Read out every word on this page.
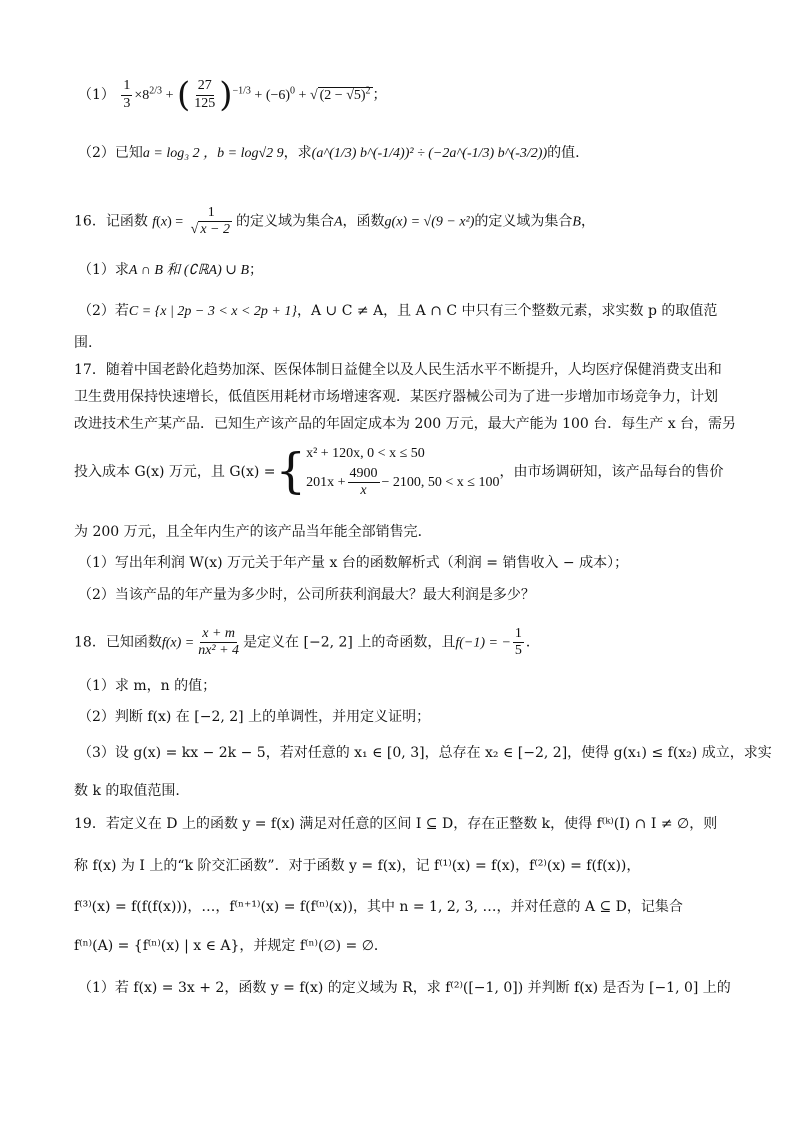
$(1) \frac{1}{3} \times 8^{2/3}$ + ( $\frac{27}{125} )^{-1/3} + (-6)^0$ + √ $(2 - √5)^2$ ；
（2）已知a = log₃ 2 ，b = log√2 9，求(a^(1/3) b^(-1/4))² ÷ (−2a^(-1/3) b^(-3/2))的值.
16．记函数 $f(x) = \frac{1}{√ x - 2}$ 的定义域为集合A，函数g(x) = √(9 − x²)的定义域为集合B，
（1）求A ∩ B 和 (∁ℝA) ∪ B；
（2）若C = {x | 2p − 3 < x < 2p + 1}，A ∪ C ≠ A，且 A ∩ C 中只有三个整数元素，求实数 p 的取值范
围.
17．随着中国老龄化趋势加深、医保体制日益健全以及人民生活水平不断提升，人均医疗保健消费支出和
卫生费用保持快速增长，低值医用耗材市场增速客观．某医疗器械公司为了进一步增加市场竞争力，计划
改进技术生产某产品．已知生产该产品的年固定成本为 200 万元，最大产能为 100 台．每生产 x 台，需另
投入成本 G(x) 万元，且 G(x) ={x² + 120x, 0 < x ≤ 50
$201x + \frac{4900}{x} - 2100$, 50 < x ≤ 100，由市场调研知，该产品每台的售价
为 200 万元，且全年内生产的该产品当年能全部销售完．
（1）写出年利润 W(x) 万元关于年产量 x 台的函数解析式（利润 = 销售收入 − 成本）；
（2）当该产品的年产量为多少时，公司所获利润最大？最大利润是多少？
18．已知函数$f(x) = \frac{x + m}{\text{nx² + 4}}$ 是定义在 [−2, 2] 上的奇函数，且f(−1) = − $\frac{1}{5}$ ．
（1）求 m，n 的值；
（2）判断 f(x) 在 [−2, 2] 上的单调性，并用定义证明；
（3）设 g(x) = kx − 2k − 5，若对任意的 x₁ ∈ [0, 3]，总存在 x₂ ∈ [−2, 2]，使得 g(x₁) ≤ f(x₂) 成立，求实
数 k 的取值范围.
19．若定义在 D 上的函数 y = f(x) 满足对任意的区间 I ⊆ D，存在正整数 k，使得 f⁽ᵏ⁾(I) ∩ I ≠ ∅，则
称 f(x) 为 I 上的“k 阶交汇函数”．对于函数 y = f(x)，记 f⁽¹⁾(x) = f(x)，f⁽²⁾(x) = f(f(x))，
f⁽³⁾(x) = f(f(f(x)))，…，f⁽ⁿ⁺¹⁾(x) = f(f⁽ⁿ⁾(x))，其中 n = 1, 2, 3, …，并对任意的 A ⊆ D，记集合
f⁽ⁿ⁾(A) = {f⁽ⁿ⁾(x) | x ∈ A}，并规定 f⁽ⁿ⁾(∅) = ∅．
（1）若 f(x) = 3x + 2，函数 y = f(x) 的定义域为 R，求 f⁽²⁾([−1, 0]) 并判断 f(x) 是否为 [−1, 0] 上的
